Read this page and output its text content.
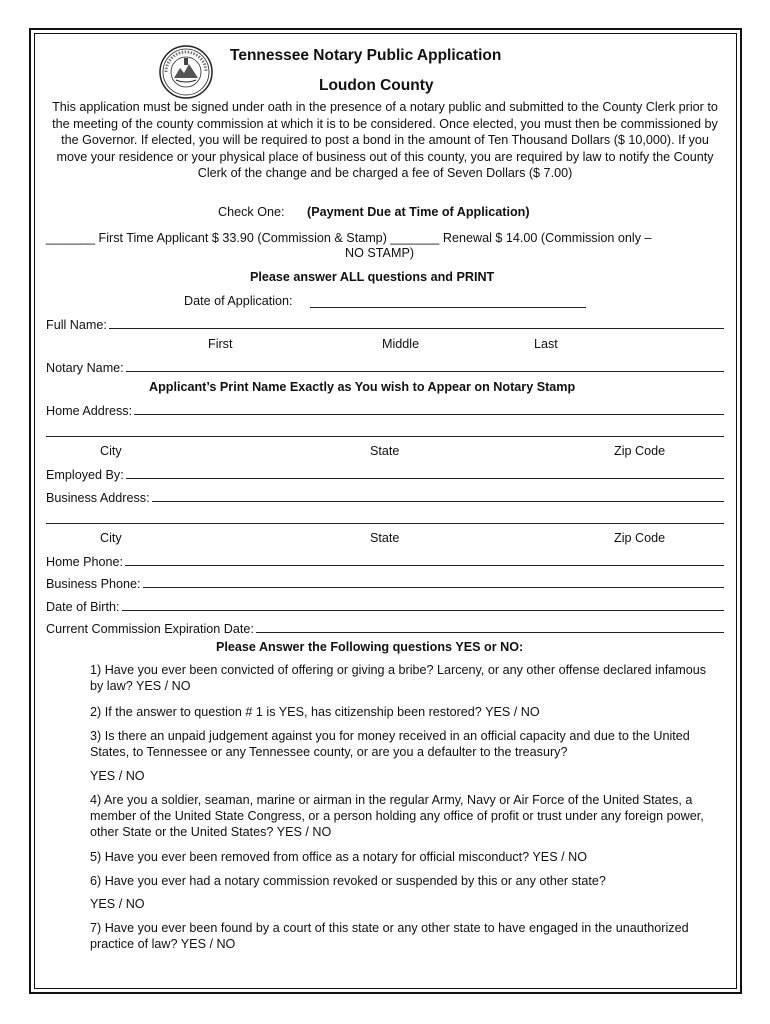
Tennessee Notary Public Application
Loudon County
This application must be signed under oath in the presence of a notary public and submitted to the County Clerk prior to the meeting of the county commission at which it is to be considered. Once elected, you must then be commissioned by the Governor. If elected, you will be required to post a bond in the amount of Ten Thousand Dollars ($ 10,000). If you move your residence or your physical place of business out of this county, you are required by law to notify the County Clerk of the change and be charged a fee of Seven Dollars ($ 7.00)
Check One: (Payment Due at Time of Application)
_______ First Time Applicant $ 33.90 (Commission & Stamp) _______ Renewal $ 14.00 (Commission only –
NO STAMP)
Please answer ALL questions and PRINT
Date of Application:
Full Name:
First	Middle	Last
Notary Name:
Applicant’s Print Name Exactly as You wish to Appear on Notary Stamp
Home Address:
City	State	Zip Code
Employed By:
Business Address:
City	State	Zip Code
Home Phone:
Business Phone:
Date of Birth:
Current Commission Expiration Date:
Please Answer the Following questions YES or NO:
1) Have you ever been convicted of offering or giving a bribe? Larceny, or any other offense declared infamous by law? YES / NO
2) If the answer to question # 1 is YES, has citizenship been restored? YES / NO
3) Is there an unpaid judgement against you for money received in an official capacity and due to the United States, to Tennessee or any Tennessee county, or are you a defaulter to the treasury?
YES / NO
4) Are you a soldier, seaman, marine or airman in the regular Army, Navy or Air Force of the United States, a member of the United State Congress, or a person holding any office of profit or trust under any foreign power, other State or the United States? YES / NO
5) Have you ever been removed from office as a notary for official misconduct? YES / NO
6) Have you ever had a notary commission revoked or suspended by this or any other state?
YES / NO
7) Have you ever been found by a court of this state or any other state to have engaged in the unauthorized practice of law? YES / NO
